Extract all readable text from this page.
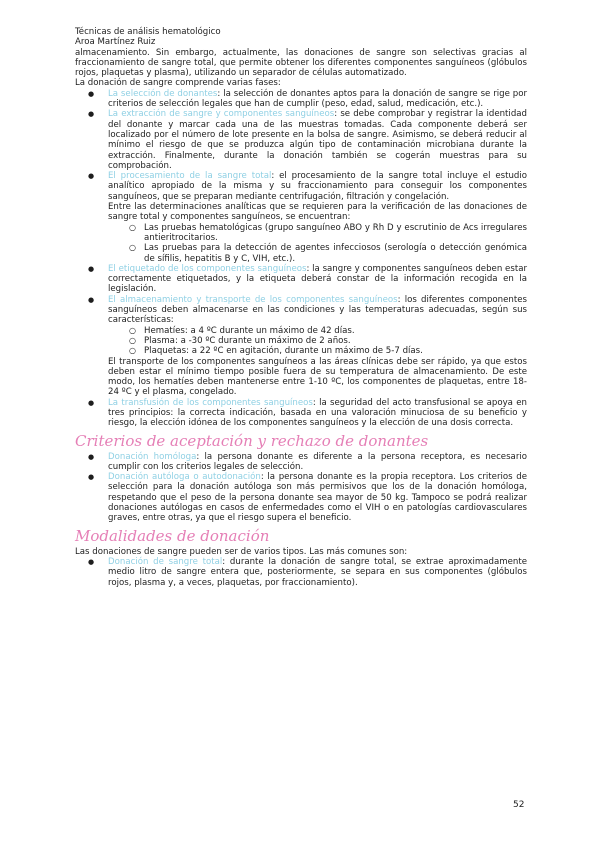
Técnicas de análisis hematológico
Aroa Martínez Ruiz

almacenamiento. Sin embargo, actualmente, las donaciones de sangre son selectivas gracias al fraccionamiento de sangre total, que permite obtener los diferentes componentes sanguíneos (glóbulos rojos, plaquetas y plasma), utilizando un separador de células automatizado.

La donación de sangre comprende varias fases:

● La selección de donantes: la selección de donantes aptos para la donación de sangre se rige por criterios de selección legales que han de cumplir (peso, edad, salud, medicación, etc.).
● La extracción de sangre y componentes sanguíneos: se debe comprobar y registrar la identidad del donante y marcar cada una de las muestras tomadas. Cada componente deberá ser localizado por el número de lote presente en la bolsa de sangre. Asimismo, se deberá reducir al mínimo el riesgo de que se produzca algún tipo de contaminación microbiana durante la extracción. Finalmente, durante la donación también se cogerán muestras para su comprobación.
● El procesamiento de la sangre total: el procesamiento de la sangre total incluye el estudio analítico apropiado de la misma y su fraccionamiento para conseguir los componentes sanguíneos, que se preparan mediante centrifugación, filtración y congelación.
Entre las determinaciones analíticas que se requieren para la verificación de las donaciones de sangre total y componentes sanguíneos, se encuentran:
○ Las pruebas hematológicas (grupo sanguíneo ABO y Rh D y escrutinio de Acs irregulares antieritrocitarios.
○ Las pruebas para la detección de agentes infecciosos (serología o detección genómica de sífilis, hepatitis B y C, VIH, etc.).
● El etiquetado de los componentes sanguíneos: la sangre y componentes sanguíneos deben estar correctamente etiquetados, y la etiqueta deberá constar de la información recogida en la legislación.
● El almacenamiento y transporte de los componentes sanguíneos: los diferentes componentes sanguíneos deben almacenarse en las condiciones y las temperaturas adecuadas, según sus características:
○ Hematíes: a 4 ºC durante un máximo de 42 días.
○ Plasma: a -30 ºC durante un máximo de 2 años.
○ Plaquetas: a 22 ºC en agitación, durante un máximo de 5-7 días.
El transporte de los componentes sanguíneos a las áreas clínicas debe ser rápido, ya que estos deben estar el mínimo tiempo posible fuera de su temperatura de almacenamiento. De este modo, los hematíes deben mantenerse entre 1-10 ºC, los componentes de plaquetas, entre 18-24 ºC y el plasma, congelado.
● La transfusión de los componentes sanguíneos: la seguridad del acto transfusional se apoya en tres principios: la correcta indicación, basada en una valoración minuciosa de su beneficio y riesgo, la elección idónea de los componentes sanguíneos y la elección de una dosis correcta.
Criterios de aceptación y rechazo de donantes
● Donación homóloga: la persona donante es diferente a la persona receptora, es necesario cumplir con los criterios legales de selección.
● Donación autóloga o autodonación: la persona donante es la propia receptora. Los criterios de selección para la donación autóloga son más permisivos que los de la donación homóloga, respetando que el peso de la persona donante sea mayor de 50 kg. Tampoco se podrá realizar donaciones autólogas en casos de enfermedades como el VIH o en patologías cardiovasculares graves, entre otras, ya que el riesgo supera el beneficio.
Modalidades de donación

Las donaciones de sangre pueden ser de varios tipos. Las más comunes son:

● Donación de sangre total: durante la donación de sangre total, se extrae aproximadamente medio litro de sangre entera que, posteriormente, se separa en sus componentes (glóbulos rojos, plasma y, a veces, plaquetas, por fraccionamiento).
52
